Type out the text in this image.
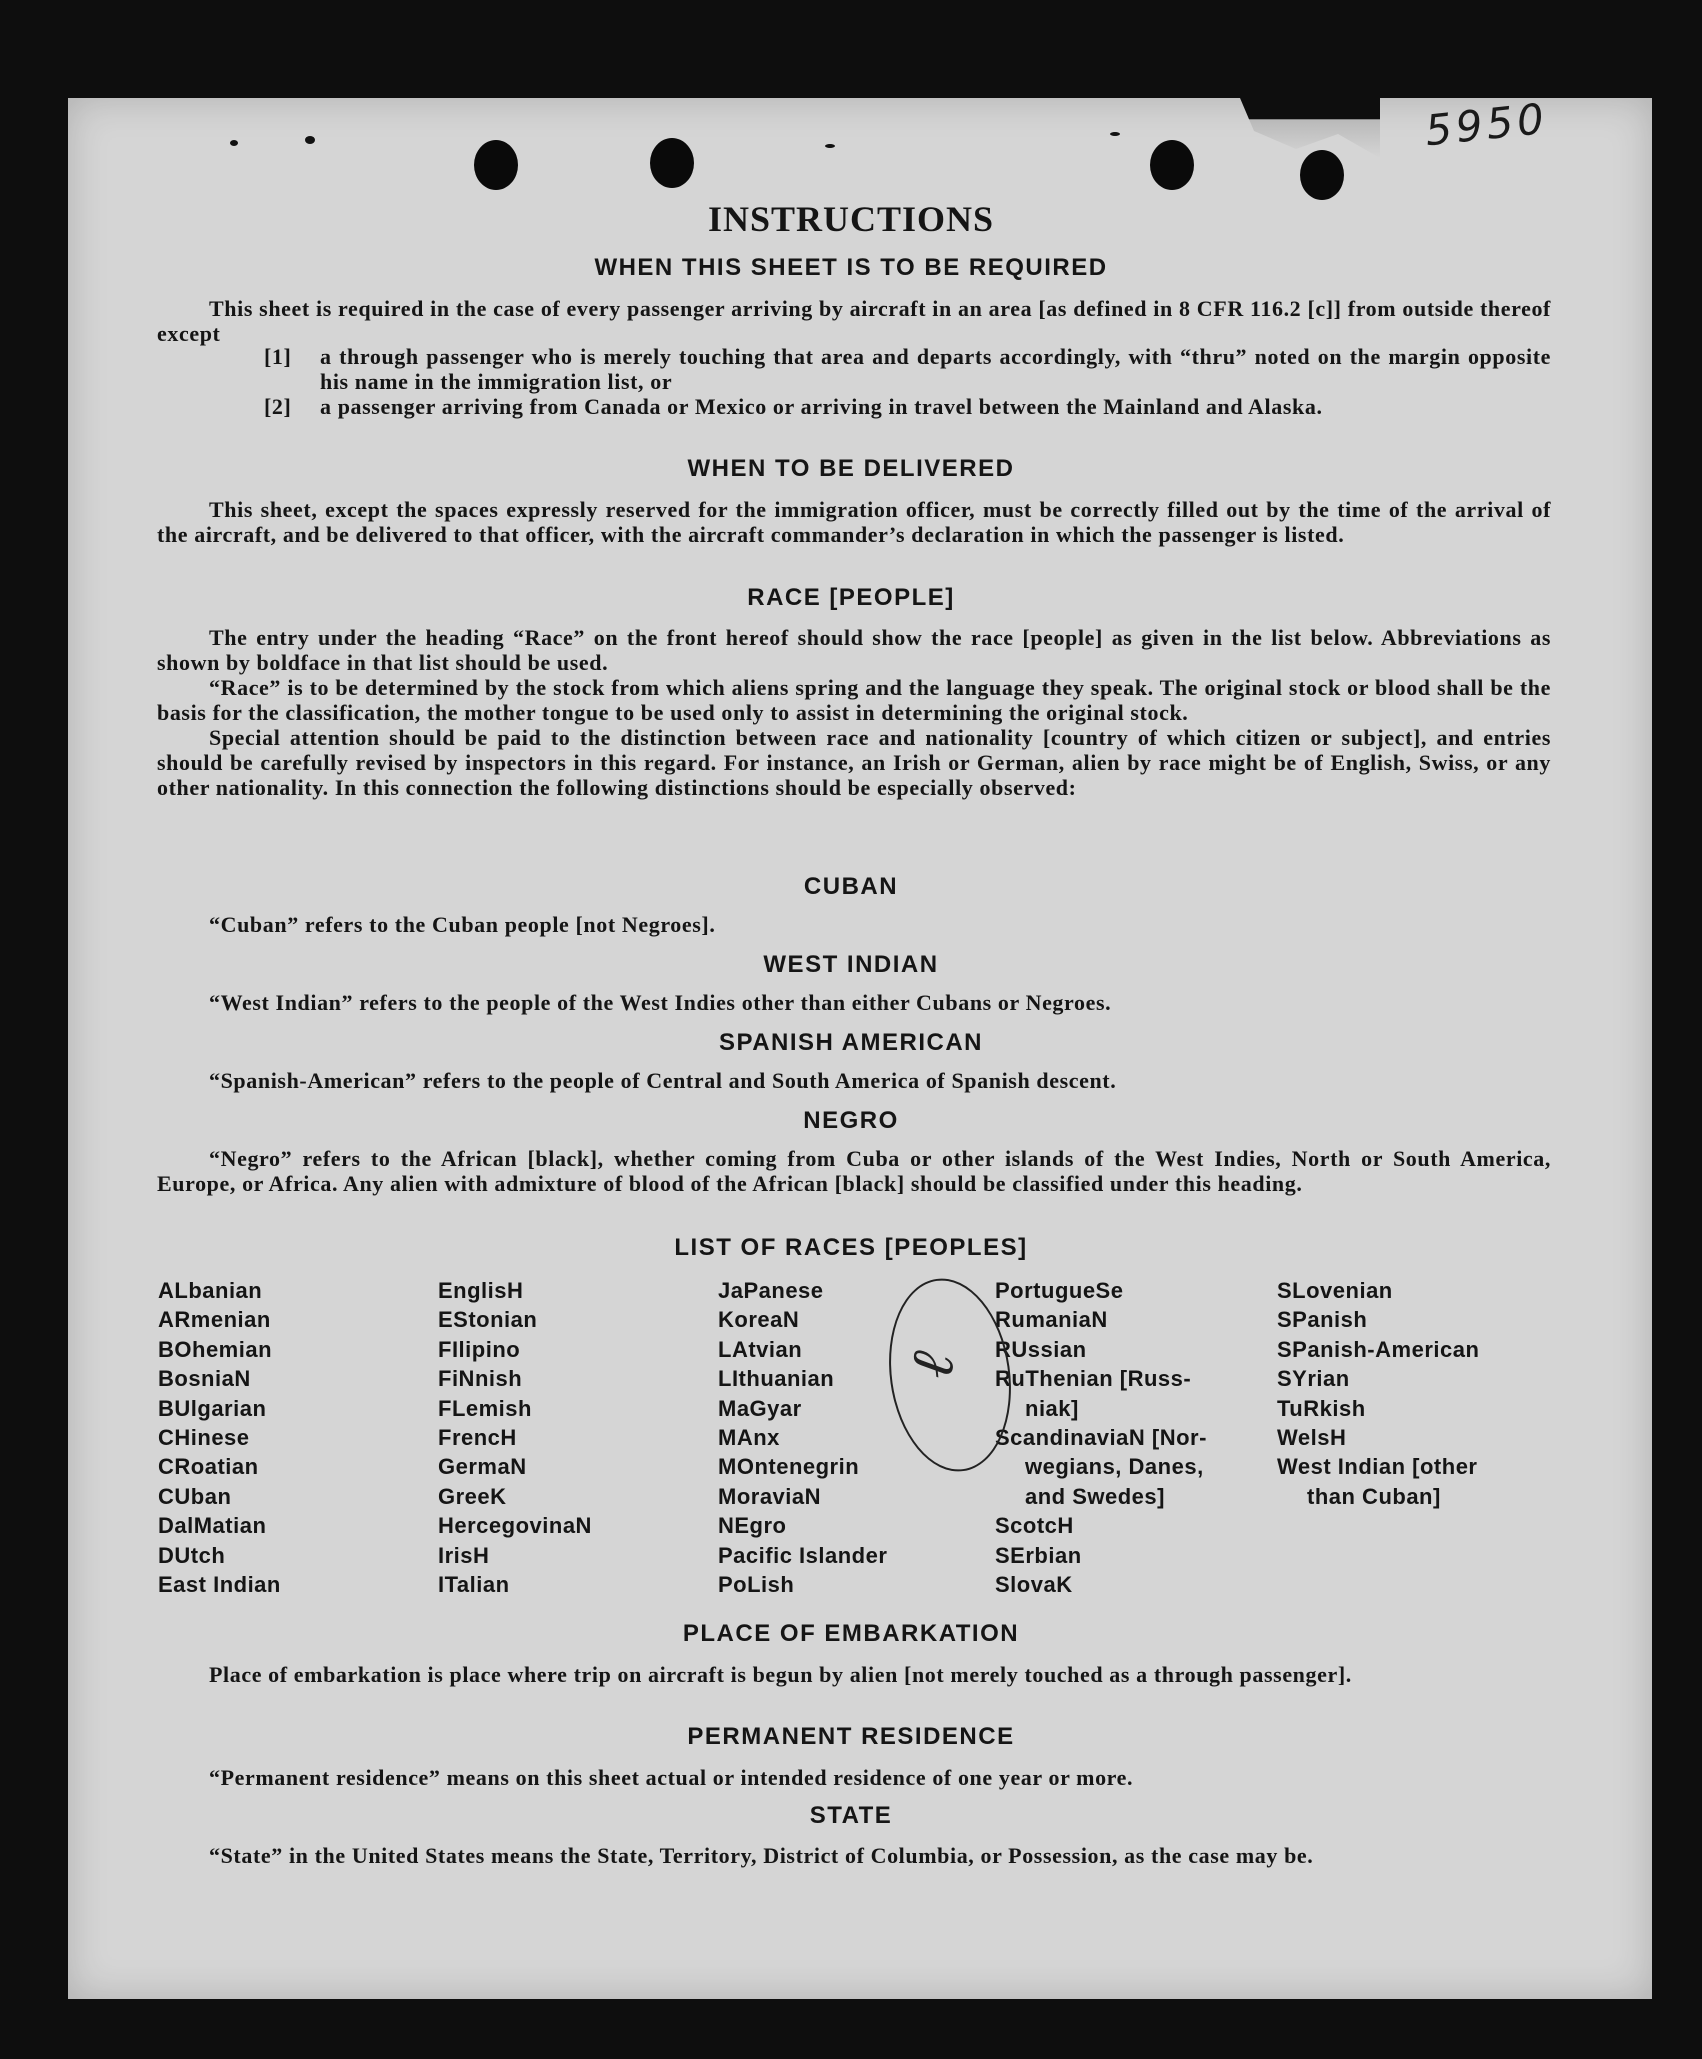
5950
INSTRUCTIONS
WHEN THIS SHEET IS TO BE REQUIRED

This sheet is required in the case of every passenger arriving by aircraft in an area [as defined in 8 CFR 116.2 [c]] from outside thereof except

[1] a through passenger who is merely touching that area and departs accordingly, with “thru” noted on the margin opposite his name in the immigration list, or
[2] a passenger arriving from Canada or Mexico or arriving in travel between the Mainland and Alaska.
WHEN TO BE DELIVERED

This sheet, except the spaces expressly reserved for the immigration officer, must be correctly filled out by the time of the arrival of the aircraft, and be delivered to that officer, with the aircraft commander’s declaration in which the passenger is listed.

RACE [PEOPLE]

The entry under the heading “Race” on the front hereof should show the race [people] as given in the list below. Abbreviations as shown by boldface in that list should be used.

“Race” is to be determined by the stock from which aliens spring and the language they speak. The original stock or blood shall be the basis for the classification, the mother tongue to be used only to assist in determining the original stock.

Special attention should be paid to the distinction between race and nationality [country of which citizen or subject], and entries should be carefully revised by inspectors in this regard. For instance, an Irish or German, alien by race might be of English, Swiss, or any other nationality. In this connection the following distinctions should be especially observed:

CUBAN

“Cuban” refers to the Cuban people [not Negroes].

WEST INDIAN

“West Indian” refers to the people of the West Indies other than either Cubans or Negroes.

SPANISH AMERICAN

“Spanish-American” refers to the people of Central and South America of Spanish descent.

NEGRO

“Negro” refers to the African [black], whether coming from Cuba or other islands of the West Indies, North or South America, Europe, or Africa. Any alien with admixture of blood of the African [black] should be classified under this heading.

LIST OF RACES [PEOPLES]
ALbanian
ARmenian
BOhemian
BosniaN
BUlgarian
CHinese
CRoatian
CUban
DalMatian
DUtch
East Indian
EnglisH
EStonian
FIlipino
FiNnish
FLemish
FrencH
GermaN
GreeK
HercegovinaN
IrisH
ITalian
JaPanese
KoreaN
LAtvian
LIthuanian
MaGyar
MAnx
MOntenegrin
MoraviaN
NEgro
Pacific Islander
PoLish
PortugueSe
RumaniaN
RUssian
RuThenian [Russ-
niak]
ScandinaviaN [Nor-
wegians, Danes,
and Swedes]
ScotcH
SErbian
SlovaK
SLovenian
SPanish
SPanish-American
SYrian
TuRkish
WelsH
West Indian [other
than Cuban]
ℓ
PLACE OF EMBARKATION

Place of embarkation is place where trip on aircraft is begun by alien [not merely touched as a through passenger].

PERMANENT RESIDENCE

“Permanent residence” means on this sheet actual or intended residence of one year or more.

STATE

“State” in the United States means the State, Territory, District of Columbia, or Possession, as the case may be.
